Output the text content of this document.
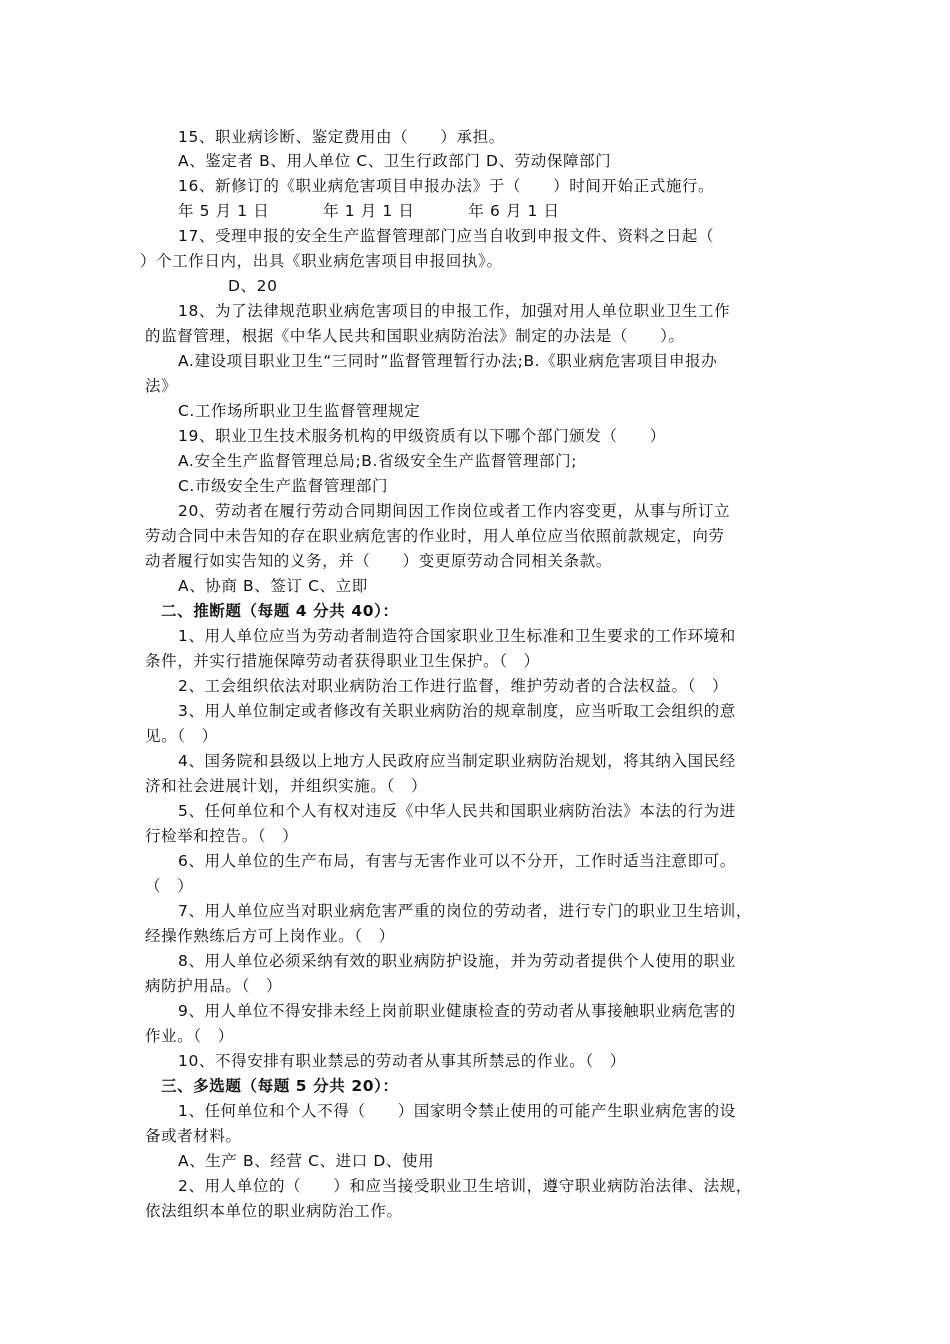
15、职业病诊断、鉴定费用由（　　）承担。
A、鉴定者 B、用人单位 C、卫生行政部门 D、劳动保障部门
16、新修订的《职业病危害项目申报办法》于（　　）时间开始正式施行。
年 5 月 1 日　　　 年 1 月 1 日　　　 年 6 月 1 日
17、受理申报的安全生产监督管理部门应当自收到申报文件、资料之日起（
）个工作日内，出具《职业病危害项目申报回执》。
D、20
18、为了法律规范职业病危害项目的申报工作，加强对用人单位职业卫生工作
的监督管理，根据《中华人民共和国职业病防治法》制定的办法是（　　）。
A.建设项目职业卫生“三同时”监督管理暂行办法;B.《职业病危害项目申报办
法》
C.工作场所职业卫生监督管理规定
19、职业卫生技术服务机构的甲级资质有以下哪个部门颁发（　　）
A.安全生产监督管理总局;B.省级安全生产监督管理部门;
C.市级安全生产监督管理部门
20、劳动者在履行劳动合同期间因工作岗位或者工作内容变更，从事与所订立
劳动合同中未告知的存在职业病危害的作业时，用人单位应当依照前款规定，向劳
动者履行如实告知的义务，并（　　）变更原劳动合同相关条款。
A、协商 B、签订 C、立即
二、推断题（每题 4 分共 40）：
1、用人单位应当为劳动者制造符合国家职业卫生标准和卫生要求的工作环境和
条件，并实行措施保障劳动者获得职业卫生保护。（　）
2、工会组织依法对职业病防治工作进行监督，维护劳动者的合法权益。（　）
3、用人单位制定或者修改有关职业病防治的规章制度，应当听取工会组织的意
见。（　）
4、国务院和县级以上地方人民政府应当制定职业病防治规划，将其纳入国民经
济和社会进展计划，并组织实施。（　）
5、任何单位和个人有权对违反《中华人民共和国职业病防治法》本法的行为进
行检举和控告。（　）
6、用人单位的生产布局，有害与无害作业可以不分开，工作时适当注意即可。
（　）
7、用人单位应当对职业病危害严重的岗位的劳动者，进行专门的职业卫生培训，
经操作熟练后方可上岗作业。（　）
8、用人单位必须采纳有效的职业病防护设施，并为劳动者提供个人使用的职业
病防护用品。（　）
9、用人单位不得安排未经上岗前职业健康检查的劳动者从事接触职业病危害的
作业。（　）
10、不得安排有职业禁忌的劳动者从事其所禁忌的作业。（　）
三、多选题（每题 5 分共 20）：
1、任何单位和个人不得（　　）国家明令禁止使用的可能产生职业病危害的设
备或者材料。
A、生产 B、经营 C、进口 D、使用
2、用人单位的（　　）和应当接受职业卫生培训，遵守职业病防治法律、法规，
依法组织本单位的职业病防治工作。
